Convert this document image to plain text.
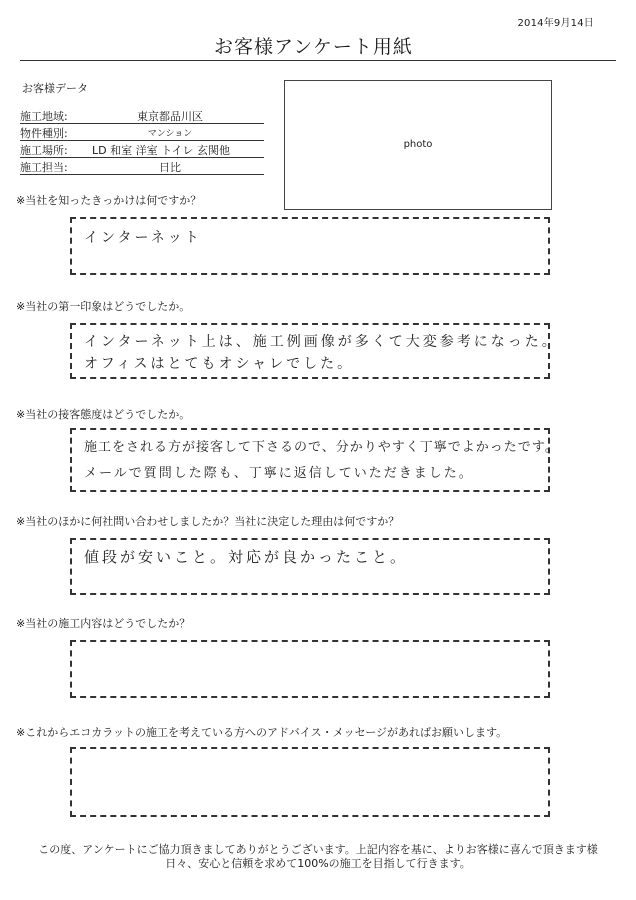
2014年9月14日
お客様アンケート用紙
お客様データ
施工地域:	東京都品川区
物件種別:	マンション
施工場所: LD 和室 洋室 トイレ 玄関他
施工担当:	日比
photo
※当社を知ったきっかけは何ですか？
インターネット
※当社の第一印象はどうでしたか。
インターネット上は、施工例画像が多くて大変参考になった。
オフィスはとてもオシャレでした。
※当社の接客態度はどうでしたか。
施工をされる方が接客して下さるので、分かりやすく丁寧でよかったです。
メールで質問した際も、丁寧に返信していただきました。
※当社のほかに何社問い合わせしましたか？当社に決定した理由は何ですか？
値段が安いこと。対応が良かったこと。
※当社の施工内容はどうでしたか？
※これからエコカラットの施工を考えている方へのアドバイス・メッセージがあればお願いします。
この度、アンケートにご協力頂きましてありがとうございます。上記内容を基に、よりお客様に喜んで頂きます様
日々、安心と信頼を求めて100%の施工を目指して行きます。
